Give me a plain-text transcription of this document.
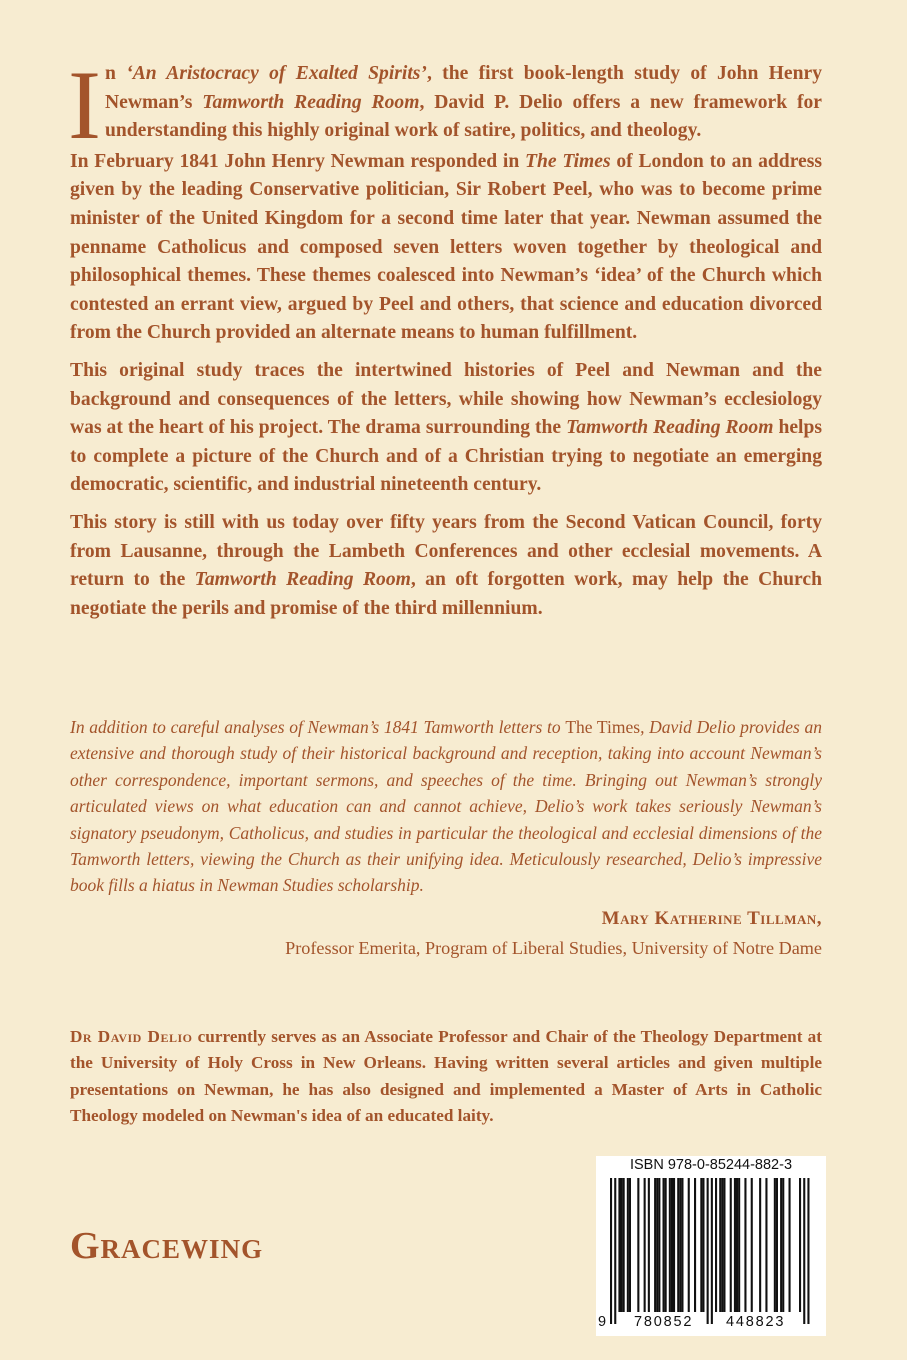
In ‘An Aristocracy of Exalted Spirits’, the first book-length study of John Henry Newman’s Tamworth Reading Room, David P. Delio offers a new framework for understanding this highly original work of satire, politics, and theology.

In February 1841 John Henry Newman responded in The Times of London to an address given by the leading Conservative politician, Sir Robert Peel, who was to become prime minister of the United Kingdom for a second time later that year. Newman assumed the penname Catholicus and composed seven letters woven together by theological and philosophical themes. These themes coalesced into Newman’s ‘idea’ of the Church which contested an errant view, argued by Peel and others, that science and education divorced from the Church provided an alternate means to human fulfillment.

This original study traces the intertwined histories of Peel and Newman and the background and consequences of the letters, while showing how Newman’s ecclesiology was at the heart of his project. The drama surrounding the Tamworth Reading Room helps to complete a picture of the Church and of a Christian trying to negotiate an emerging democratic, scientific, and industrial nineteenth century.

This story is still with us today over fifty years from the Second Vatican Council, forty from Lausanne, through the Lambeth Conferences and other ecclesial movements. A return to the Tamworth Reading Room, an oft forgotten work, may help the Church negotiate the perils and promise of the third millennium.

In addition to careful analyses of Newman’s 1841 Tamworth letters to The Times, David Delio provides an extensive and thorough study of their historical background and reception, taking into account Newman’s other correspondence, important sermons, and speeches of the time. Bringing out Newman’s strongly articulated views on what education can and cannot achieve, Delio’s work takes seriously Newman’s signatory pseudonym, Catholicus, and studies in particular the theological and ecclesial dimensions of the Tamworth letters, viewing the Church as their unifying idea. Meticulously researched, Delio’s impressive book fills a hiatus in Newman Studies scholarship.

Mary Katherine Tillman,
Professor Emerita, Program of Liberal Studies, University of Notre Dame

Dr David Delio currently serves as an Associate Professor and Chair of the Theology Department at the University of Holy Cross in New Orleans. Having written several articles and given multiple presentations on Newman, he has also designed and implemented a Master of Arts in Catholic Theology modeled on Newman's idea of an educated laity.

Gracewing
ISBN 978-0-85244-882-3
9 780852 448823
